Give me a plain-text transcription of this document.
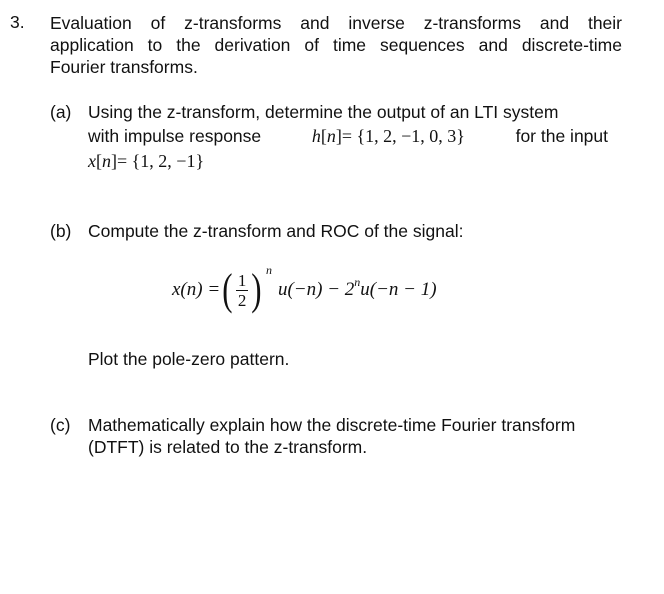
3. Evaluation of z-transforms and inverse z-transforms and their
application to the derivation of time sequences and discrete-time
Fourier transforms.
(a) Using the z-transform, determine the output of an LTI system
with impulse response	h[n]= {1, 2, −1, 0, 3}	for the input
x[n]= {1, 2, −1}
(b) Compute the z-transform and ROC of the signal:
x(n) = ( $\frac{1}{2}$ ) n
u(−n) − 2 n u(−n − 1)
Plot the pole-zero pattern.
(c) Mathematically explain how the discrete-time Fourier transform
(DTFT) is related to the z-transform.
